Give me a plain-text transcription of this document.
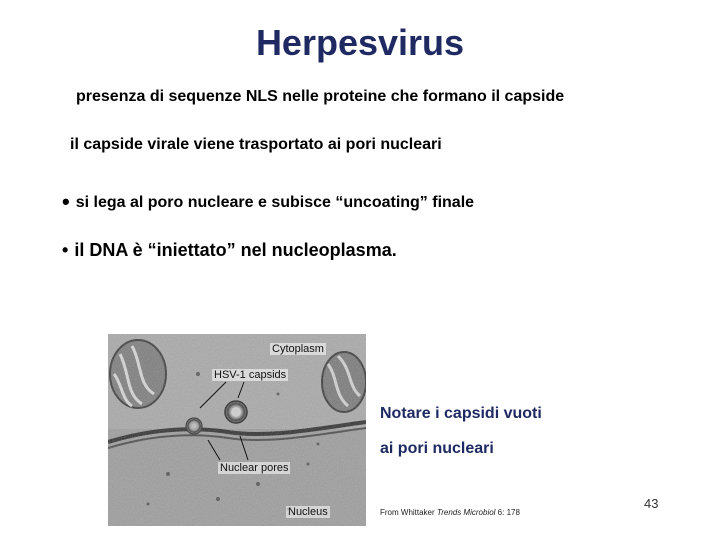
Herpesvirus
presenza di sequenze NLS nelle proteine che formano il capside
il capside virale viene trasportato ai pori nucleari
• si lega al poro nucleare e subisce “uncoating” finale
• il DNA è “iniettato” nel nucleoplasma.
Cytoplasm
HSV-1 capsids
Nuclear pores
Nucleus
Notare i capsidi vuoti
ai pori nucleari
From Whittaker Trends Microbiol 6: 178
43
